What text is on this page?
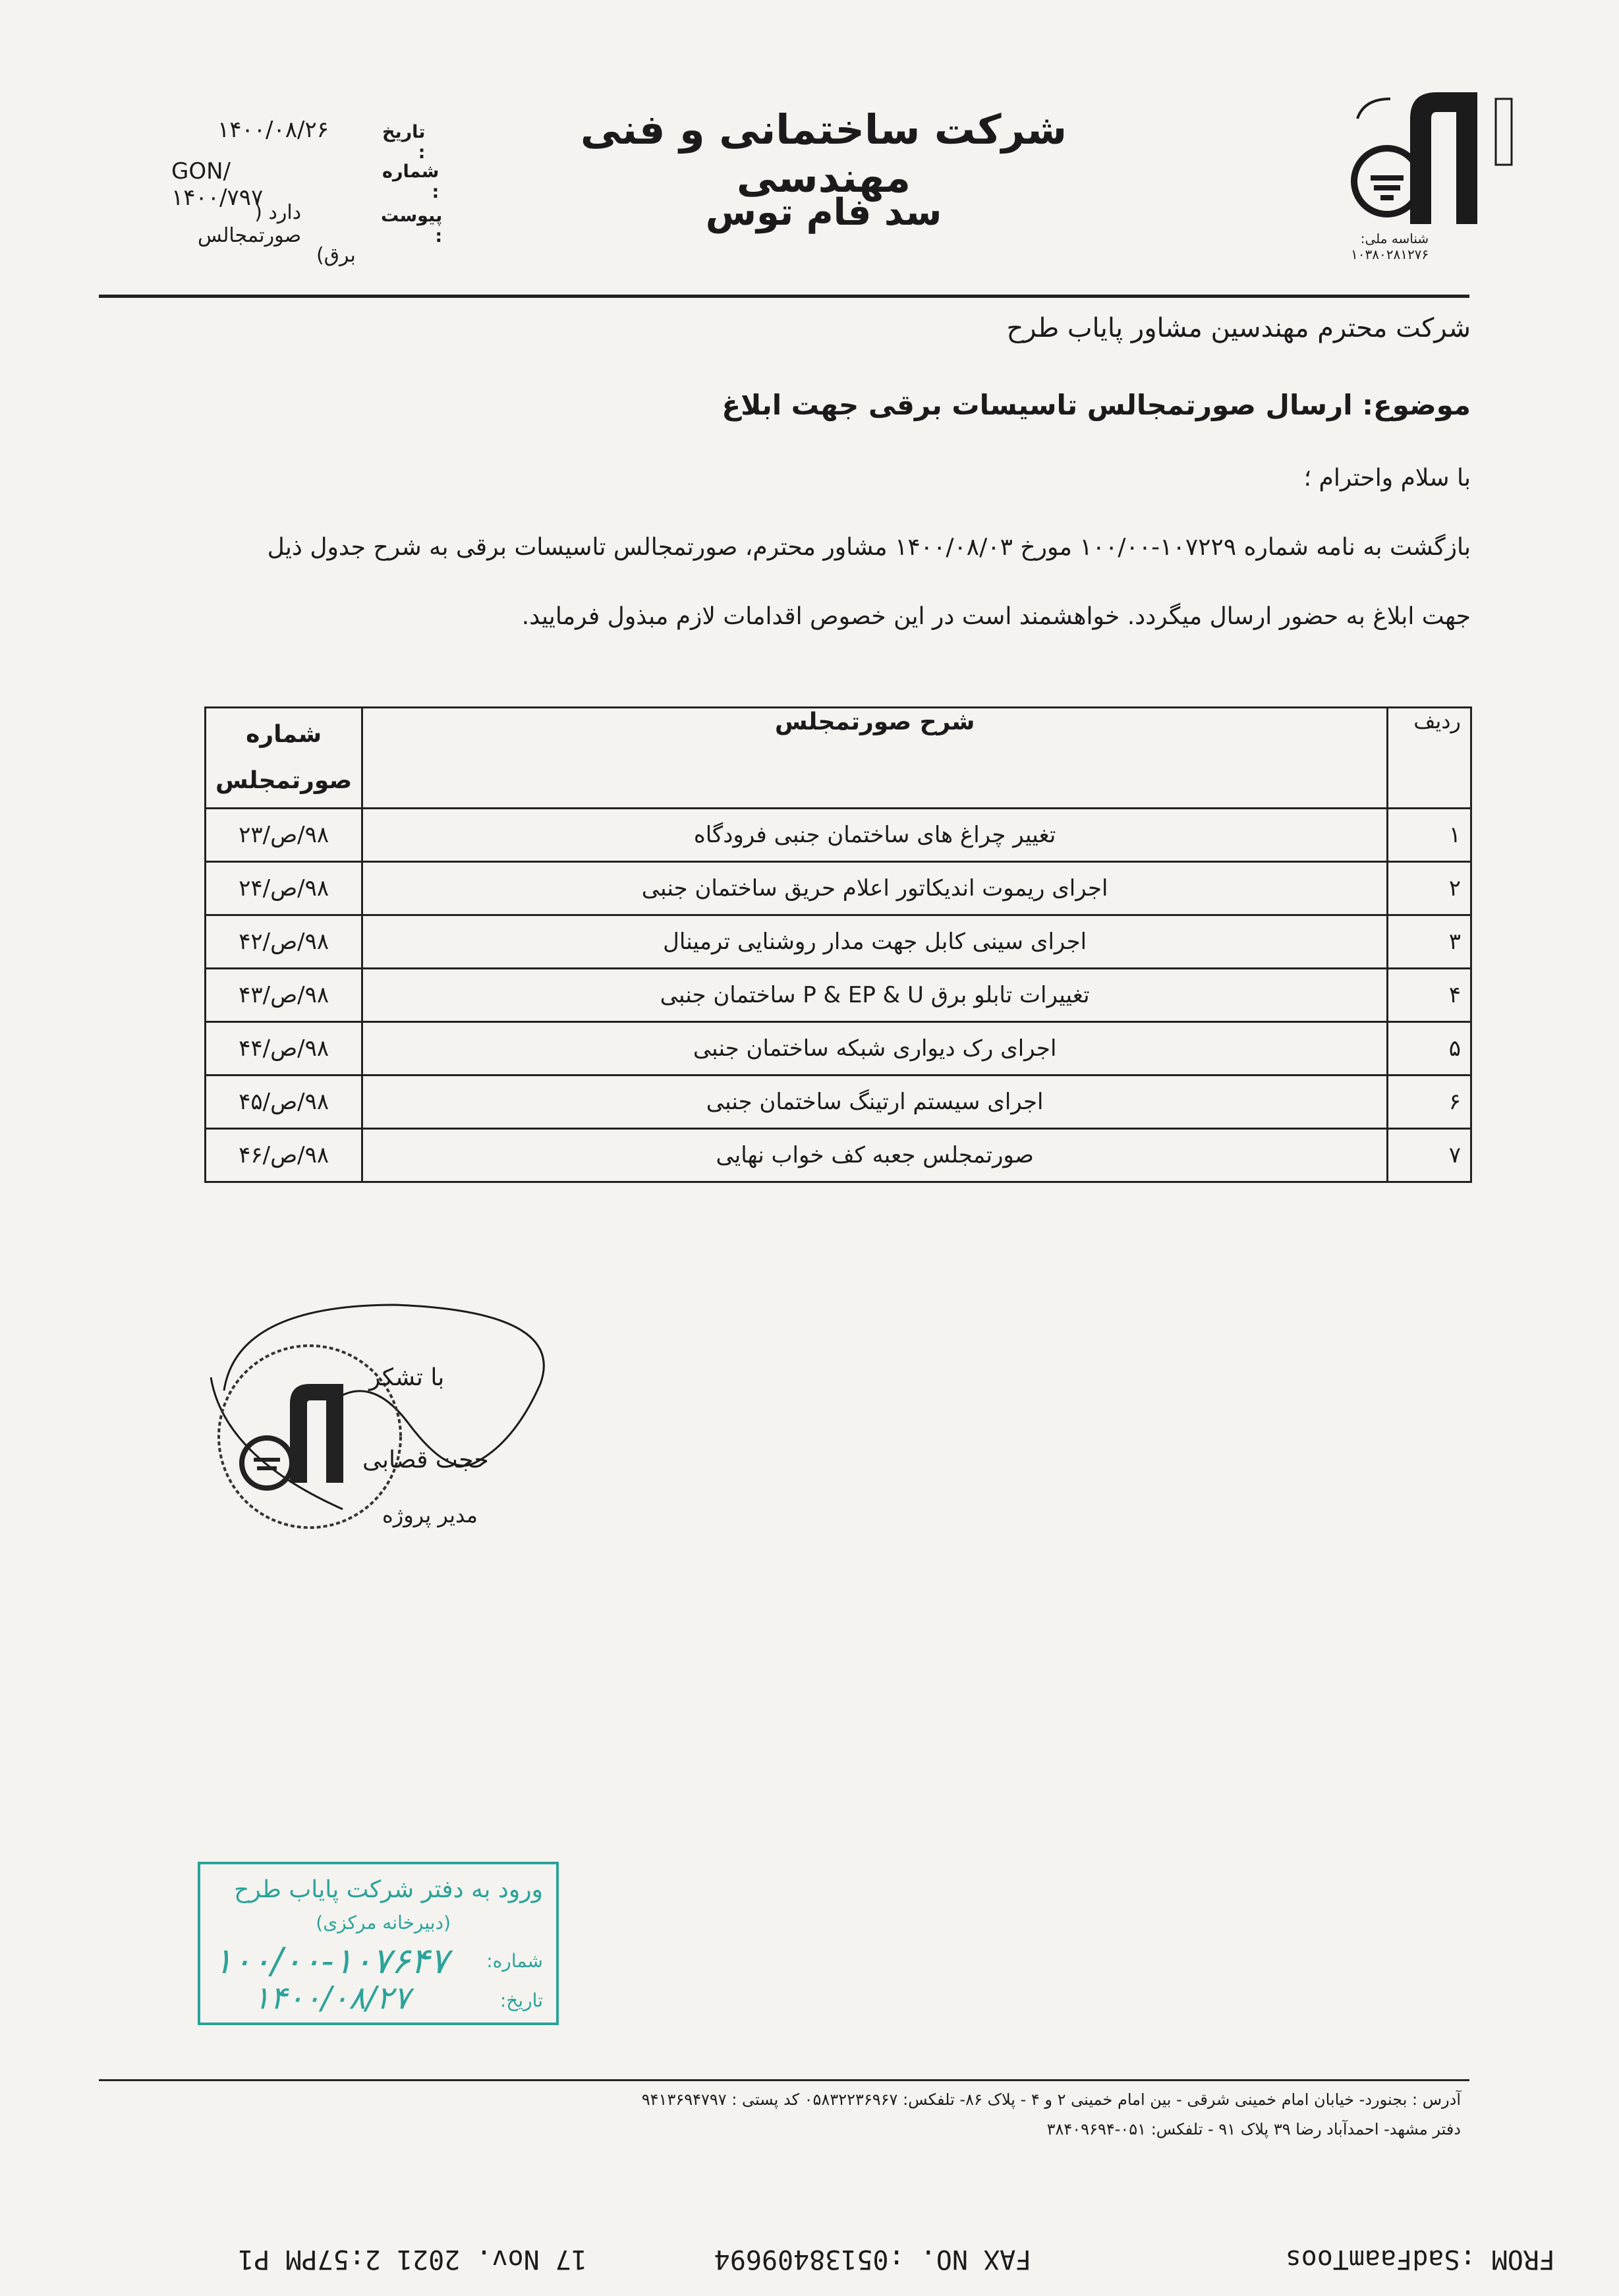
شرکت ساختمانی و فنی مهندسی
سد فام توس
تاریخ :
۱۴۰۰/۰۸/۲۶
شماره :
GON/۱۴۰۰/۷۹۷
پیوست :
دارد ( صورتمجالس
برق)
شناسه ملی: ۱۰۳۸۰۲۸۱۲۷۶
شرکت محترم مهندسین مشاور پایاب طرح
موضوع: ارسال صورتمجالس تاسیسات برقی جهت ابلاغ
با سلام واحترام ؛
بازگشت به نامه شماره ۱۰۷۲۲۹-۱۰۰/۰۰ مورخ ۱۴۰۰/۰۸/۰۳ مشاور محترم، صورتمجالس تاسیسات برقی به شرح جدول ذیل
جهت ابلاغ به حضور ارسال میگردد. خواهشمند است در این خصوص اقدامات لازم مبذول فرمایید.
ردیف	شرح صورتمجلس	شماره
صورتمجلس

۱	تغییر چراغ های ساختمان جنبی فرودگاه	۹۸/ص/۲۳
۲	اجرای ریموت اندیکاتور اعلام حریق ساختمان جنبی	۹۸/ص/۲۴
۳	اجرای سینی کابل جهت مدار روشنایی ترمینال	۹۸/ص/۴۲
۴	تغییرات تابلو برق P & EP & U ساختمان جنبی	۹۸/ص/۴۳
۵	اجرای رک دیواری شبکه ساختمان جنبی	۹۸/ص/۴۴
۶	اجرای سیستم ارتینگ ساختمان جنبی	۹۸/ص/۴۵
۷	صورتمجلس جعبه کف خواب نهایی	۹۸/ص/۴۶
با تشکر
حجت قصابی
مدیر پروژه
ورود به دفتر شرکت پایاب طرح
(دبیرخانه مرکزی)
شماره:
تاریخ:
۱۰۰/۰۰-۱۰۷۶۴۷
۱۴۰۰/۰۸/۲۷
آدرس : بجنورد- خیابان امام خمینی شرقی - بین امام خمینی ۲ و ۴ - پلاک ۸۶- تلفکس: ۰۵۸۳۲۲۳۶۹۶۷ کد پستی : ۹۴۱۳۶۹۴۷۹۷
دفتر مشهد- احمدآباد رضا ۳۹ پلاک ۹۱ - تلفکس: ۰۵۱-۳۸۴۰۹۶۹۴
FROM :SadFaamToos                FAX NO. :05138409694        17 Nov. 2021 2:57PM P1
